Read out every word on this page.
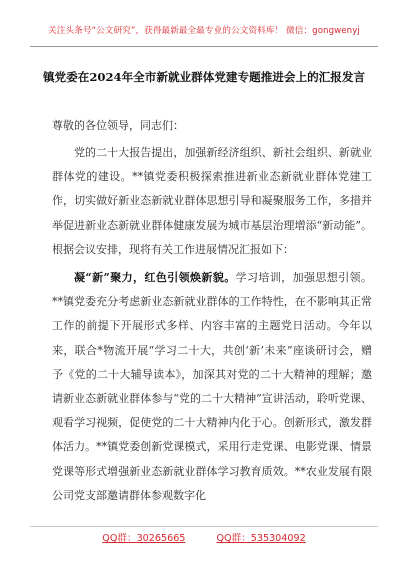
关注头条号“公文研究”，获得最新最全最专业的公文资料库！ 微信：gongwenyj
镇党委在2024年全市新就业群体党建专题推进会上的汇报发言
尊敬的各位领导，同志们：

党的二十大报告提出，加强新经济组织、新社会组织、新就业群体党的建设。**镇党委积极探索推进新业态新就业群体党建工作，切实做好新业态新就业群体思想引导和凝聚服务工作，多措并举促进新业态新就业群体健康发展为城市基层治理增添“新动能”。根据会议安排，现将有关工作进展情况汇报如下：

凝“新”聚力，红色引领焕新貌。学习培训，加强思想引领。**镇党委充分考虑新业态新就业群体的工作特性，在不影响其正常工作的前提下开展形式多样、内容丰富的主题党日活动。今年以来，联合*物流开展“学习二十大，共创‘新’未来”座谈研讨会，赠予《党的二十大辅导读本》，加深其对党的二十大精神的理解；邀请新业态新就业群体参与“党的二十大精神”宣讲活动，聆听党课、观看学习视频，促使党的二十大精神内化于心。创新形式，激发群体活力。**镇党委创新党课模式，采用行走党课、电影党课、情景党课等形式增强新业态新就业群体学习教育质效。**农业发展有限公司党支部邀请群体参观数字化

QQ群：30265665	QQ群：535304092
